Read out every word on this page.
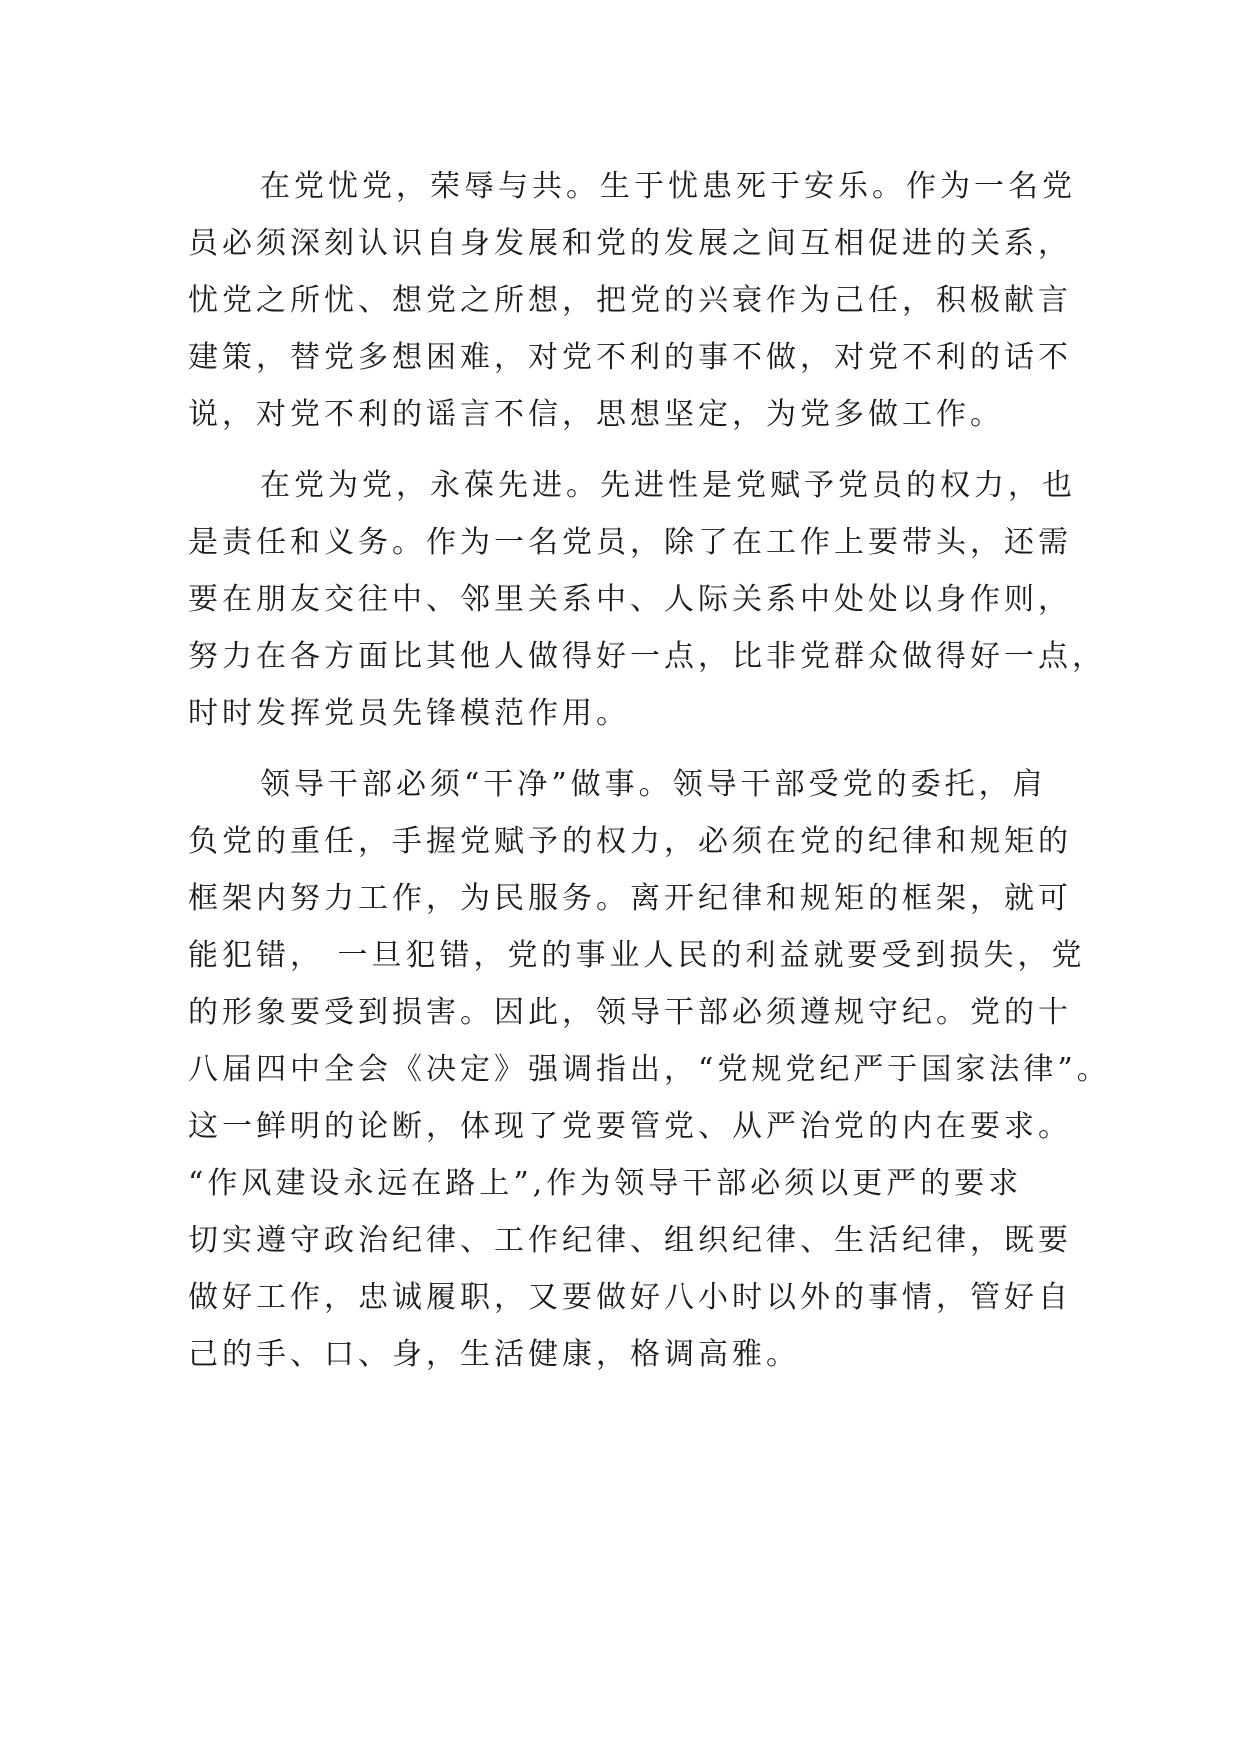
在党忧党，荣辱与共。生于忧患死于安乐。作为一名党
员必须深刻认识自身发展和党的发展之间互相促进的关系，
忧党之所忧、想党之所想，把党的兴衰作为己任，积极献言
建策，替党多想困难，对党不利的事不做，对党不利的话不
说，对党不利的谣言不信，思想坚定，为党多做工作。
在党为党，永葆先进。先进性是党赋予党员的权力，也
是责任和义务。作为一名党员，除了在工作上要带头，还需
要在朋友交往中、邻里关系中、人际关系中处处以身作则，
努力在各方面比其他人做得好一点，比非党群众做得好一点，
时时发挥党员先锋模范作用。
领导干部必须“干净”做事。领导干部受党的委托，肩
负党的重任，手握党赋予的权力，必须在党的纪律和规矩的
框架内努力工作，为民服务。离开纪律和规矩的框架，就可
能犯错， 一旦犯错，党的事业人民的利益就要受到损失，党
的形象要受到损害。因此，领导干部必须遵规守纪。党的十
八届四中全会《决定》强调指出，“党规党纪严于国家法律”。
这一鲜明的论断，体现了党要管党、从严治党的内在要求。
“作风建设永远在路上”,作为领导干部必须以更严的要求
切实遵守政治纪律、工作纪律、组织纪律、生活纪律，既要
做好工作，忠诚履职，又要做好八小时以外的事情，管好自
己的手、口、身，生活健康，格调高雅。
